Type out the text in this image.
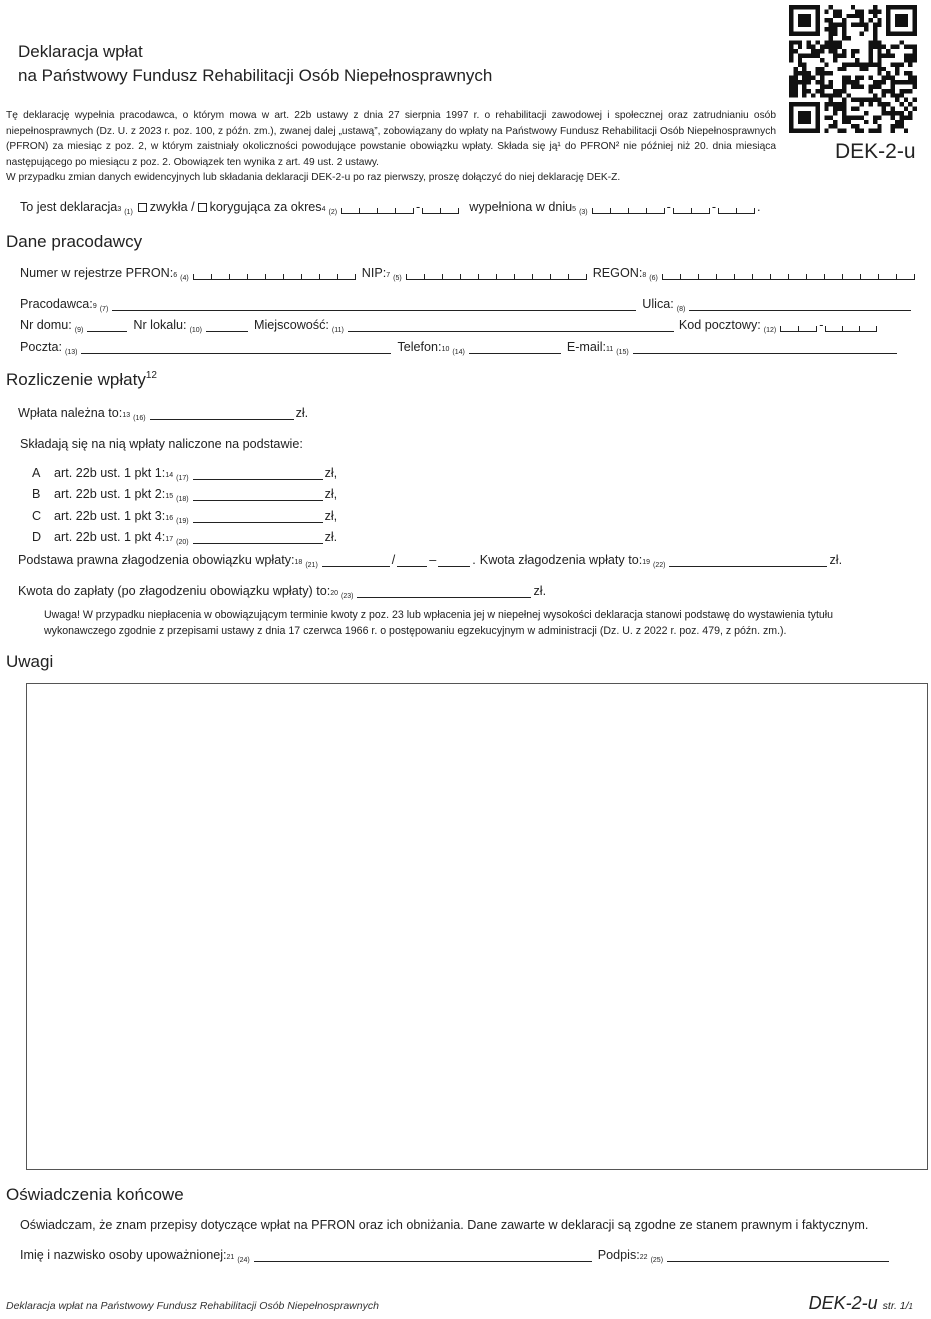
Deklaracja wpłat
na Państwowy Fundusz Rehabilitacji Osób Niepełnosprawnych
DEK-2-u

Tę deklarację wypełnia pracodawca, o którym mowa w art. 22b ustawy z dnia 27 sierpnia 1997 r. o rehabilitacji zawodowej i społecznej oraz zatrudnianiu osób niepełnosprawnych (Dz. U. z 2023 r. poz. 100, z późn. zm.), zwanej dalej „ustawą”, zobowiązany do wpłaty na Państwowy Fundusz Rehabilitacji Osób Niepełnosprawnych (PFRON) za miesiąc z poz. 2, w którym zaistniały okoliczności powodujące powstanie obowiązku wpłaty. Składa się ją¹ do PFRON² nie później niż 20. dnia miesiąca następującego po miesiącu z poz. 2. Obowiązek ten wynika z art. 49 ust. 2 ustawy.

W przypadku zmian danych ewidencyjnych lub składania deklaracji DEK-2-u po raz pierwszy, proszę dołączyć do niej deklarację DEK-Z.

To jest deklaracja$^3$ (1) zwykła / korygująca za okres$^4$ (2)	-	wypełniona w dniu$^5$ (3)	-	-	.
Dane pracodawcy
Numer w rejestrze PFRON:$^6$ (4)	NIP:$^7$ (5)	REGON:$^8$ (6)
Pracodawca:$^9$ (7)	Ulica: (8)
Nr domu: (9)	Nr lokalu: (10)	Miejscowość: (11)	Kod pocztowy: (12)	-
Poczta: (13)	Telefon:$^{10}$ (14)	E-mail:$^{11}$ (15)
Rozliczenie wpłaty$^{12}$
Wpłata należna to:$^{13}$ (16)	zł.
Składają się na nią wpłaty naliczone na podstawie:
A	art. 22b ust. 1 pkt 1:$^{14}$ (17)	zł,
B	art. 22b ust. 1 pkt 2:$^{15}$ (18)	zł,
C	art. 22b ust. 1 pkt 3:$^{16}$ (19)	zł,
D	art. 22b ust. 1 pkt 4:$^{17}$ (20)	zł.
Podstawa prawna złagodzenia obowiązku wpłaty:$^{18}$ (21)	/	–	. Kwota złagodzenia wpłaty to:$^{19}$ (22)	zł.
Kwota do zapłaty (po złagodzeniu obowiązku wpłaty) to:$^{20}$ (23)	zł.
Uwaga! W przypadku niepłacenia w obowiązującym terminie kwoty z poz. 23 lub wpłacenia jej w niepełnej wysokości deklaracja stanowi podstawę do wystawienia tytułu wykonawczego zgodnie z przepisami ustawy z dnia 17 czerwca 1966 r. o postępowaniu egzekucyjnym w administracji (Dz. U. z 2022 r. poz. 479, z późn. zm.).
Uwagi
Oświadczenia końcowe
Oświadczam, że znam przepisy dotyczące wpłat na PFRON oraz ich obniżania. Dane zawarte w deklaracji są zgodne ze stanem prawnym i faktycznym.
Imię i nazwisko osoby upoważnionej:$^{21}$ (24)	Podpis:$^{22}$ (25)
Deklaracja wpłat na Państwowy Fundusz Rehabilitacji Osób Niepełnosprawnych	DEK-2-u str. 1/1
